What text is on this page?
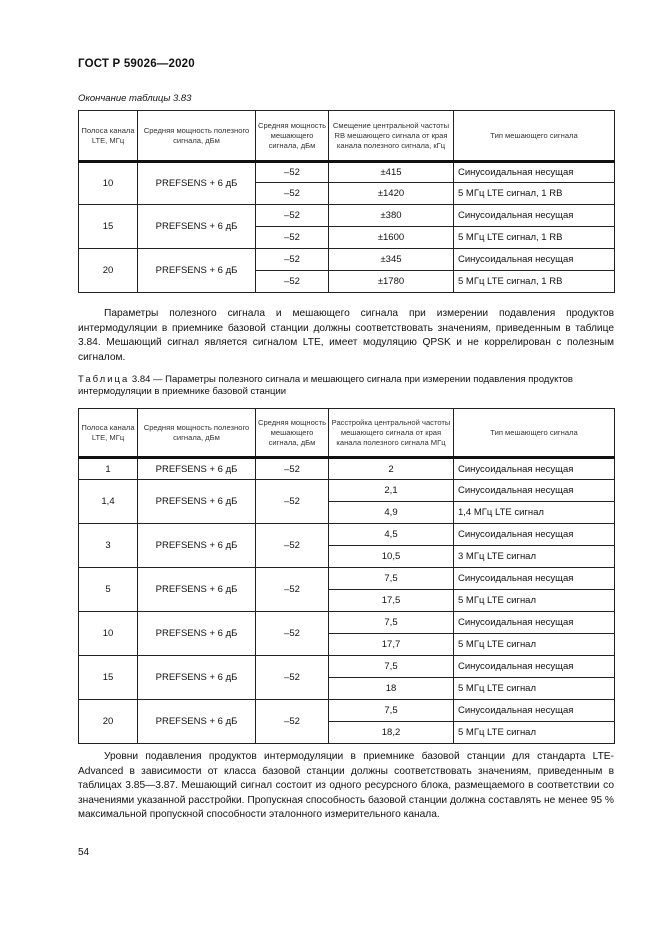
ГОСТ Р 59026—2020
Окончание таблицы 3.83
Полоса канала LTE, МГц	Средняя мощность полезного сигнала, дБм	Средняя мощность мешающего сигнала, дБм	Смещение центральной частоты RB мешающего сигнала от края канала полезного сигнала, кГц	Тип мешающего сигнала
10	PREFSENS + 6 дБ	–52	±415	Синусоидальная несущая
		–52	±1420	5 МГц LTE сигнал, 1 RB
15	PREFSENS + 6 дБ	–52	±380	Синусоидальная несущая
		–52	±1600	5 МГц LTE сигнал, 1 RB
20	PREFSENS + 6 дБ	–52	±345	Синусоидальная несущая
		–52	±1780	5 МГц LTE сигнал, 1 RB
Параметры полезного сигнала и мешающего сигнала при измерении подавления продуктов интермодуляции в приемнике базовой станции должны соответствовать значениям, приведенным в таблице 3.84. Мешающий сигнал является сигналом LTE, имеет модуляцию QPSK и не коррелирован с полезным сигналом.
Таблица 3.84 — Параметры полезного сигнала и мешающего сигнала при измерении подавления продуктов интермодуляции в приемнике базовой станции
Полоса канала LTE, МГц	Средняя мощность полезного сигнала, дБм	Средняя мощность мешающего сигнала, дБм	Расстройка центральной частоты мешающего сигнала от края канала полезного сигнала МГц	Тип мешающего сигнала
1	PREFSENS + 6 дБ	–52	2	Синусоидальная несущая
1,4	PREFSENS + 6 дБ	–52	2,1	Синусоидальная несущая
			4,9	1,4 МГц LTE сигнал
3	PREFSENS + 6 дБ	–52	4,5	Синусоидальная несущая
			10,5	3 МГц LTE сигнал
5	PREFSENS + 6 дБ	–52	7,5	Синусоидальная несущая
			17,5	5 МГц LTE сигнал
10	PREFSENS + 6 дБ	–52	7,5	Синусоидальная несущая
			17,7	5 МГц LTE сигнал
15	PREFSENS + 6 дБ	–52	7,5	Синусоидальная несущая
			18	5 МГц LTE сигнал
20	PREFSENS + 6 дБ	–52	7,5	Синусоидальная несущая
			18,2	5 МГц LTE сигнал
Уровни подавления продуктов интермодуляции в приемнике базовой станции для стандарта LTE-Advanced в зависимости от класса базовой станции должны соответствовать значениям, приведенным в таблицах 3.85—3.87. Мешающий сигнал состоит из одного ресурсного блока, размещаемого в соответствии со значениями указанной расстройки. Пропускная способность базовой станции должна составлять не менее 95 % максимальной пропускной способности эталонного измерительного канала.
54
